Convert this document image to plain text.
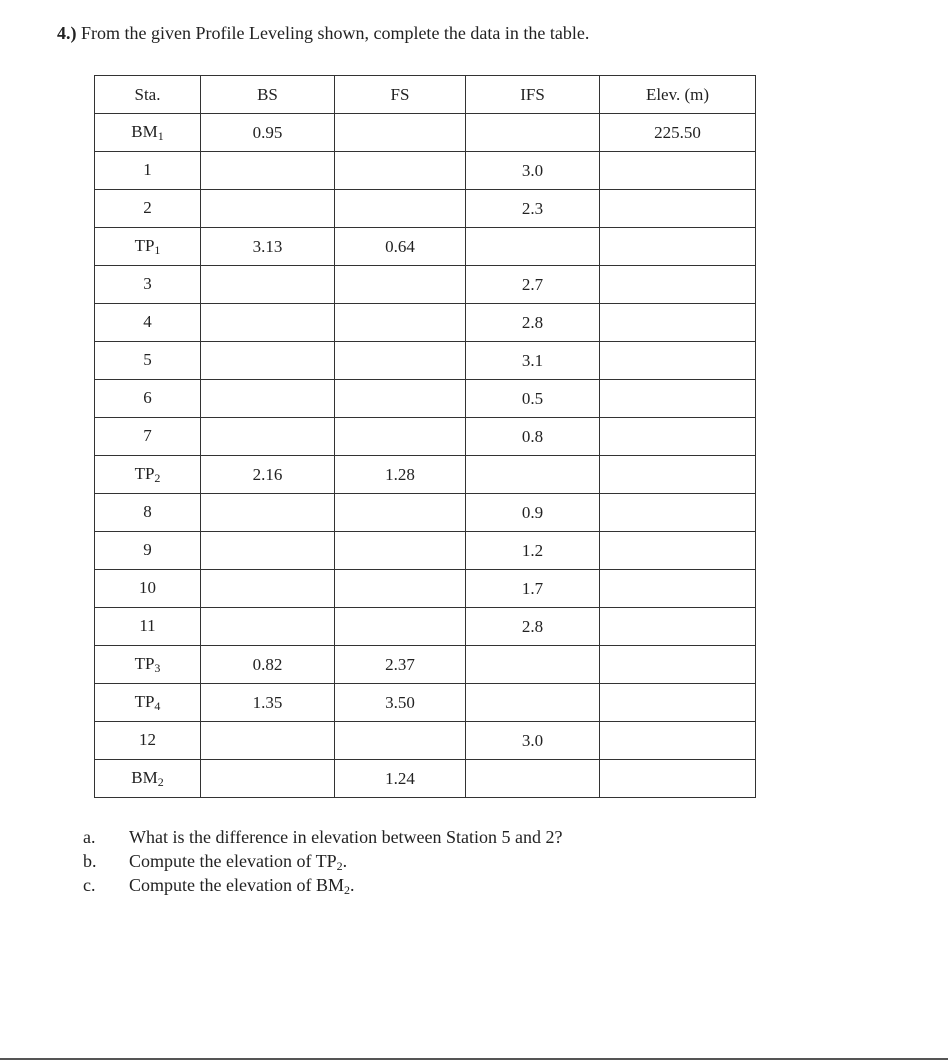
4.) From the given Profile Leveling shown, complete the data in the table.
Sta.	BS	FS	IFS	Elev. (m)
BM1	0.95			225.50
1			3.0	
2			2.3	
TP1	3.13	0.64		
3			2.7	
4			2.8	
5			3.1	
6			0.5	
7			0.8	
TP2	2.16	1.28		
8			0.9	
9			1.2	
10			1.7	
11			2.8	
TP3	0.82	2.37		
TP4	1.35	3.50		
12			3.0	
BM2		1.24		
a. What is the difference in elevation between Station 5 and 2?
b. Compute the elevation of $TP_2$.
c. Compute the elevation of $BM_2$.
